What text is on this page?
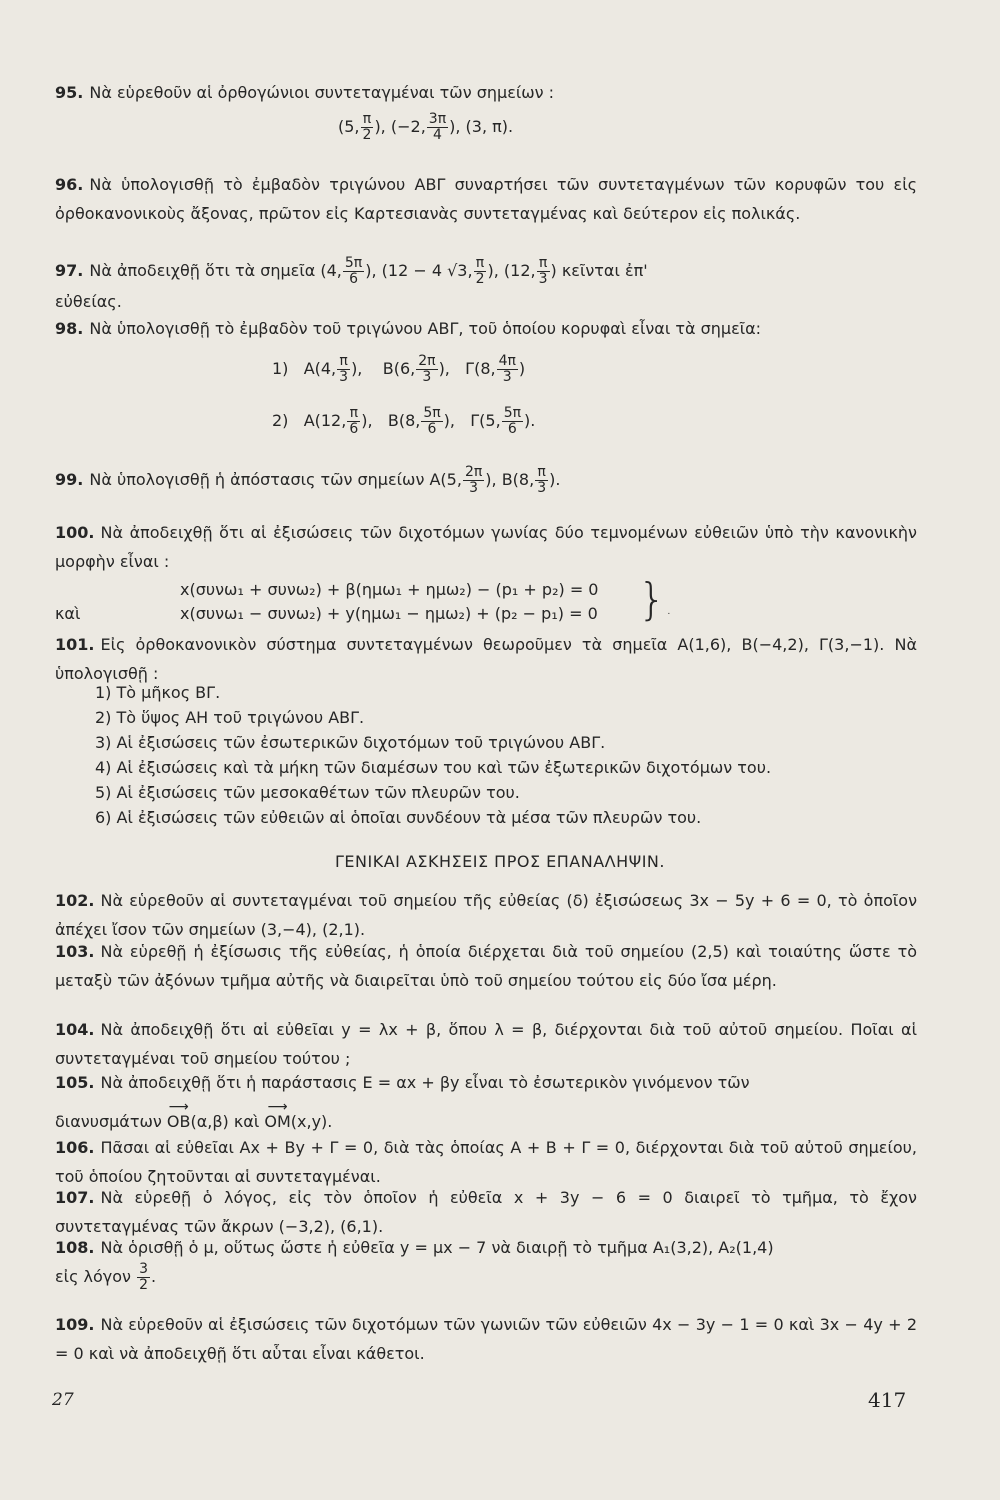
95. Νὰ εὑρεθοῦν αἱ ὀρθογώνιοι συντεταγμέναι τῶν σημείων :

(5, $\frac{\pi}{2}$ ), (−2, $\frac{3\pi}{4}$ ), (3, π).

96. Νὰ ὑπολογισθῇ τὸ ἐμβαδὸν τριγώνου ΑΒΓ συναρτήσει τῶν συντεταγμένων τῶν κορυφῶν του εἰς ὀρθοκανονικοὺς ἄξονας, πρῶτον εἰς Καρτεσιανὰς συντεταγμένας καὶ δεύτερον εἰς πολικάς.

97. Νὰ ἀποδειχθῇ ὅτι τὰ σημεῖα (4, $\frac{5\pi}{6}$ ), (12 − 4 √3, $\frac{\pi}{2}$ ), (12, $\frac{\pi}{3}$ ) κεῖνται ἐπ'
εὐθείας.

98. Νὰ ὑπολογισθῇ τὸ ἐμβαδὸν τοῦ τριγώνου ΑΒΓ, τοῦ ὁποίου κορυφαὶ εἶναι τὰ σημεῖα:

1) Α(4, $\frac{\pi}{3}$ ), Β(6, $\frac{2\pi}{3}$ ), Γ(8, $\frac{4\pi}{3}$ )
2) Α(12, $\frac{\pi}{6}$ ), Β(8, $\frac{5\pi}{6}$ ), Γ(5, $\frac{5\pi}{6}$ ).

99. Νὰ ὑπολογισθῇ ἡ ἀπόστασις τῶν σημείων Α(5, $\frac{2\pi}{3}$ ), Β(8, $\frac{\pi}{3}$ ).

100. Νὰ ἀποδειχθῇ ὅτι αἱ ἐξισώσεις τῶν διχοτόμων γωνίας δύο τεμνομένων εὐθειῶν ὑπὸ τὴν κανονικὴν μορφὴν εἶναι :

x(συνω₁ + συνω₂) + β(ημω₁ + ημω₂) − (p₁ + p₂) = 0
καὶ	x(συνω₁ − συνω₂) + y(ημω₁ − ημω₂) + (p₂ − p₁) = 0 }.

101. Εἰς ὀρθοκανονικὸν σύστημα συντεταγμένων θεωροῦμεν τὰ σημεῖα Α(1,6), Β(−4,2), Γ(3,−1). Νὰ ὑπολογισθῇ :

1) Τὸ μῆκος ΒΓ.
2) Τὸ ὕψος ΑΗ τοῦ τριγώνου ΑΒΓ.
3) Αἱ ἐξισώσεις τῶν ἐσωτερικῶν διχοτόμων τοῦ τριγώνου ΑΒΓ.
4) Αἱ ἐξισώσεις καὶ τὰ μήκη τῶν διαμέσων του καὶ τῶν ἐξωτερικῶν διχοτόμων του.
5) Αἱ ἐξισώσεις τῶν μεσοκαθέτων τῶν πλευρῶν του.
6) Αἱ ἐξισώσεις τῶν εὐθειῶν αἱ ὁποῖαι συνδέουν τὰ μέσα τῶν πλευρῶν του.
ΓΕΝΙΚΑΙ ΑΣΚΗΣΕΙΣ ΠΡΟΣ ΕΠΑΝΑΛΗΨΙΝ.

102. Νὰ εὑρεθοῦν αἱ συντεταγμέναι τοῦ σημείου τῆς εὐθείας (δ) ἐξισώσεως 3x − 5y + 6 = 0, τὸ ὁποῖον ἀπέχει ἴσον τῶν σημείων (3,−4), (2,1).

103. Νὰ εὑρεθῇ ἡ ἐξίσωσις τῆς εὐθείας, ἡ ὁποία διέρχεται διὰ τοῦ σημείου (2,5) καὶ τοιαύτης ὥστε τὸ μεταξὺ τῶν ἀξόνων τμῆμα αὐτῆς νὰ διαιρεῖται ὑπὸ τοῦ σημείου τούτου εἰς δύο ἴσα μέρη.

104. Νὰ ἀποδειχθῇ ὅτι αἱ εὐθεῖαι y = λx + β, ὅπου λ = β, διέρχονται διὰ τοῦ αὐτοῦ σημείου. Ποῖαι αἱ συντεταγμέναι τοῦ σημείου τούτου ;

105. Νὰ ἀποδειχθῇ ὅτι ἡ παράστασις Ε = αx + βy εἶναι τὸ ἐσωτερικὸν γινόμενον τῶν
διανυσμάτων ⟶ ΟΒ(α,β) καὶ ⟶ ΟΜ(x,y).

106. Πᾶσαι αἱ εὐθεῖαι Αx + Βy + Γ = 0, διὰ τὰς ὁποίας Α + Β + Γ = 0, διέρχονται διὰ τοῦ αὐτοῦ σημείου, τοῦ ὁποίου ζητοῦνται αἱ συντεταγμέναι.

107. Νὰ εὑρεθῇ ὁ λόγος, εἰς τὸν ὁποῖον ἡ εὐθεῖα x + 3y − 6 = 0 διαιρεῖ τὸ τμῆμα, τὸ ἔχον συντεταγμένας τῶν ἄκρων (−3,2), (6,1).

108. Νὰ ὁρισθῇ ὁ μ, οὕτως ὥστε ἡ εὐθεῖα y = μx − 7 νὰ διαιρῇ τὸ τμῆμα Α₁(3,2), Α₂(1,4)
εἰς λόγον $\frac{3}{2}$ .

109. Νὰ εὑρεθοῦν αἱ ἐξισώσεις τῶν διχοτόμων τῶν γωνιῶν τῶν εὐθειῶν 4x − 3y − 1 = 0 καὶ 3x − 4y + 2 = 0 καὶ νὰ ἀποδειχθῇ ὅτι αὗται εἶναι κάθετοι.

27	417
